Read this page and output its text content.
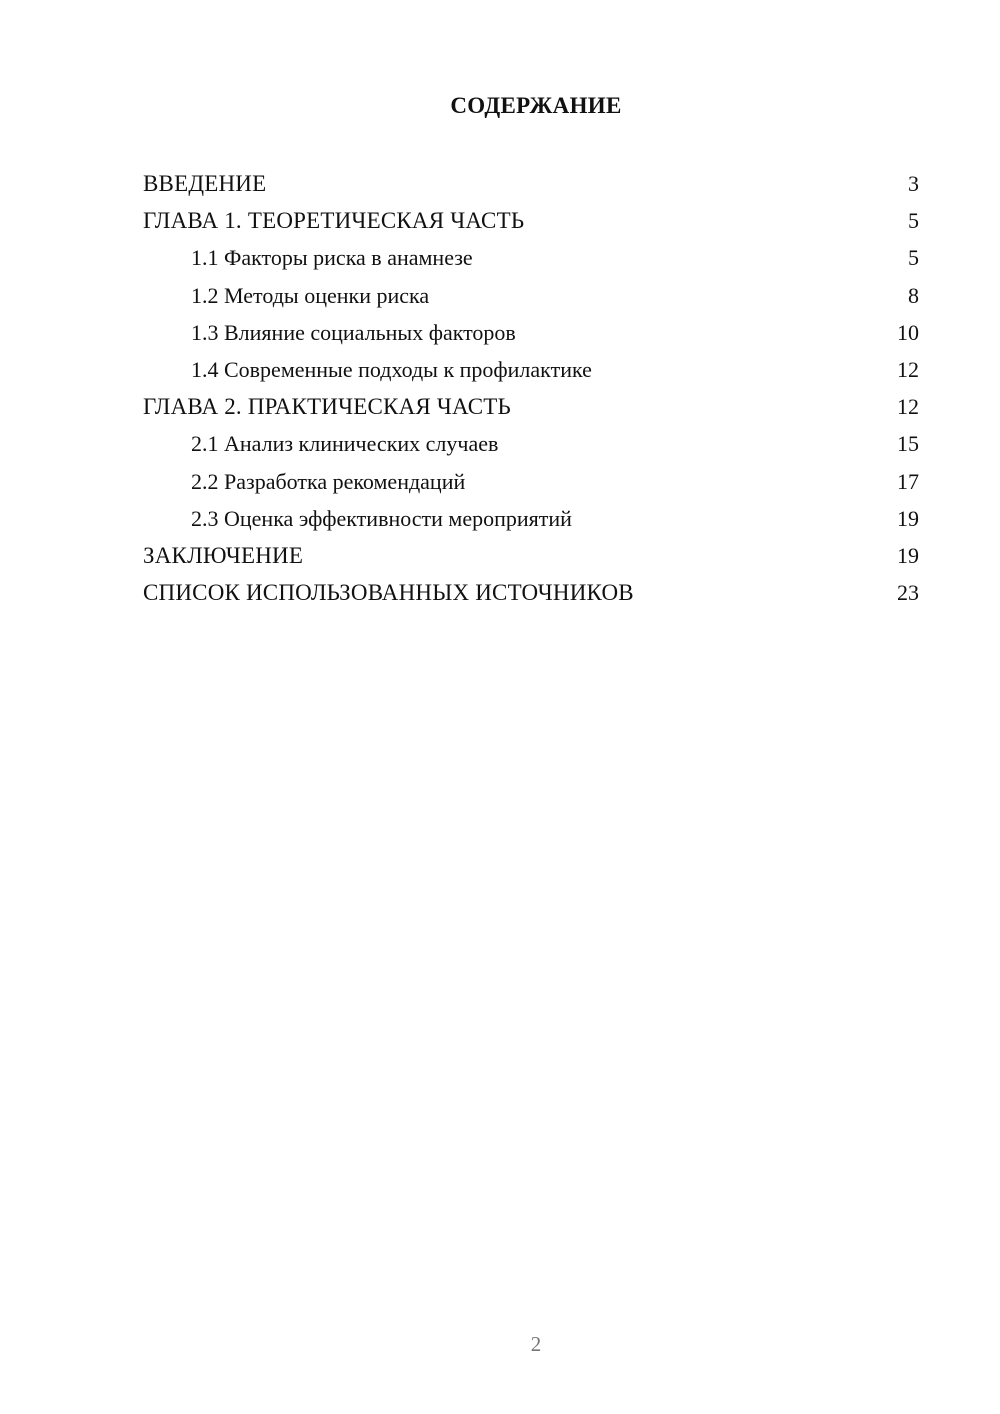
СОДЕРЖАНИЕ
ВВЕДЕНИЕ	3
ГЛАВА 1. ТЕОРЕТИЧЕСКАЯ ЧАСТЬ	5
1.1 Факторы риска в анамнезе	5
1.2 Методы оценки риска	8
1.3 Влияние социальных факторов	10
1.4 Современные подходы к профилактике	12
ГЛАВА 2. ПРАКТИЧЕСКАЯ ЧАСТЬ	12
2.1 Анализ клинических случаев	15
2.2 Разработка рекомендаций	17
2.3 Оценка эффективности мероприятий	19
ЗАКЛЮЧЕНИЕ	19
СПИСОК ИСПОЛЬЗОВАННЫХ ИСТОЧНИКОВ	23
2
